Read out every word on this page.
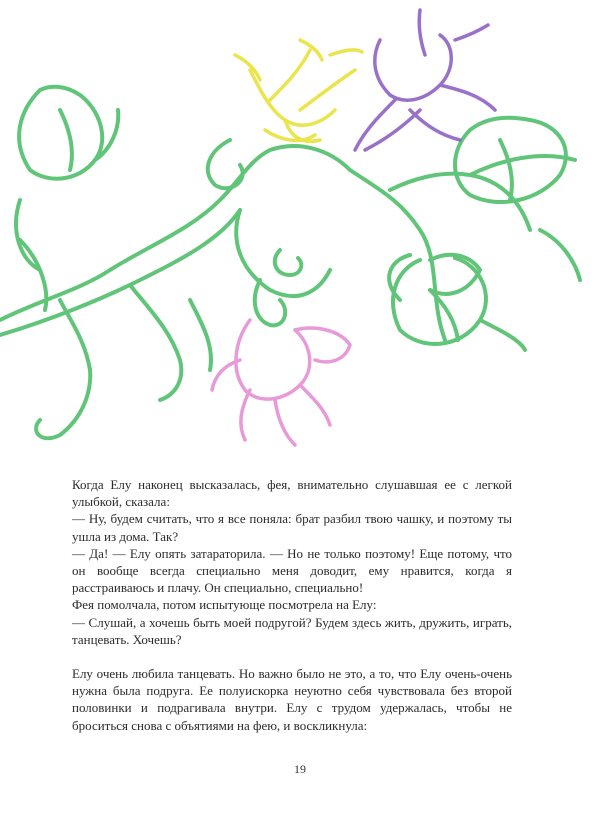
Когда Елу наконец высказалась, фея, внимательно слушавшая ее с легкой улыбкой, сказала:

— Ну, будем считать, что я все поняла: брат разбил твою чашку, и поэтому ты ушла из дома. Так?

— Да! — Елу опять затараторила. — Но не только поэтому! Еще потому, что он вообще всегда специально меня доводит, ему нравится, когда я расстраиваюсь и плачу. Он специально, специально!

Фея помолчала, потом испытующе посмотрела на Елу:

— Слушай, а хочешь быть моей подругой? Будем здесь жить, дружить, играть, танцевать. Хочешь?

Елу очень любила танцевать. Но важно было не это, а то, что Елу очень-очень нужна была подруга. Ее полуискорка неуютно себя чувствовала без второй половинки и подрагивала внутри. Елу с трудом удержалась, чтобы не броситься снова с объятиями на фею, и воскликнула:

19
